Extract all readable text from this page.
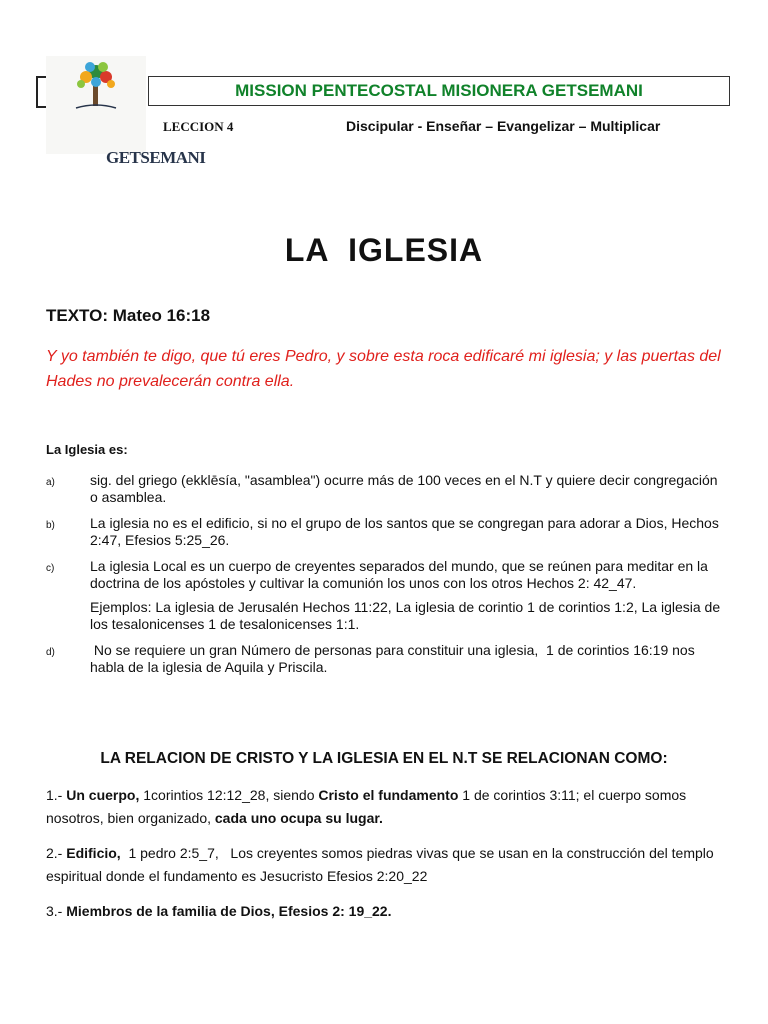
GETSEMANI
MISSION PENTECOSTAL MISIONERA GETSEMANI
LECCION 4	Discipular - Enseñar – Evangelizar – Multiplicar
LA  IGLESIA
TEXTO: Mateo 16:18
Y yo también te digo, que tú eres Pedro, y sobre esta roca edificaré mi iglesia; y las puertas del Hades no prevalecerán contra ella.
La Iglesia es:
a)	sig. del griego (ekklēsía, "asamblea") ocurre más de 100 veces en el N.T y quiere decir congregación o asamblea.
b)	La iglesia no es el edificio, si no el grupo de los santos que se congregan para adorar a Dios, Hechos 2:47, Efesios 5:25_26.
c)	La iglesia Local es un cuerpo de creyentes separados del mundo, que se reúnen para meditar en la doctrina de los apóstoles y cultivar la comunión los unos con los otros Hechos 2: 42_47.
Ejemplos: La iglesia de Jerusalén Hechos 11:22, La iglesia de corintio 1 de corintios 1:2, La iglesia de los tesalonicenses 1 de tesalonicenses 1:1.
d)	No se requiere un gran Número de personas para constituir una iglesia,  1 de corintios 16:19 nos habla de la iglesia de Aquila y Priscila.
LA RELACION DE CRISTO Y LA IGLESIA EN EL N.T SE RELACIONAN COMO:
1.- Un cuerpo, 1corintios 12:12_28, siendo Cristo el fundamento 1 de corintios 3:11; el cuerpo somos nosotros, bien organizado, cada uno ocupa su lugar.
2.- Edificio,  1 pedro 2:5_7,   Los creyentes somos piedras vivas que se usan en la construcción del templo espiritual donde el fundamento es Jesucristo Efesios 2:20_22
3.- Miembros de la familia de Dios, Efesios 2: 19_22.
